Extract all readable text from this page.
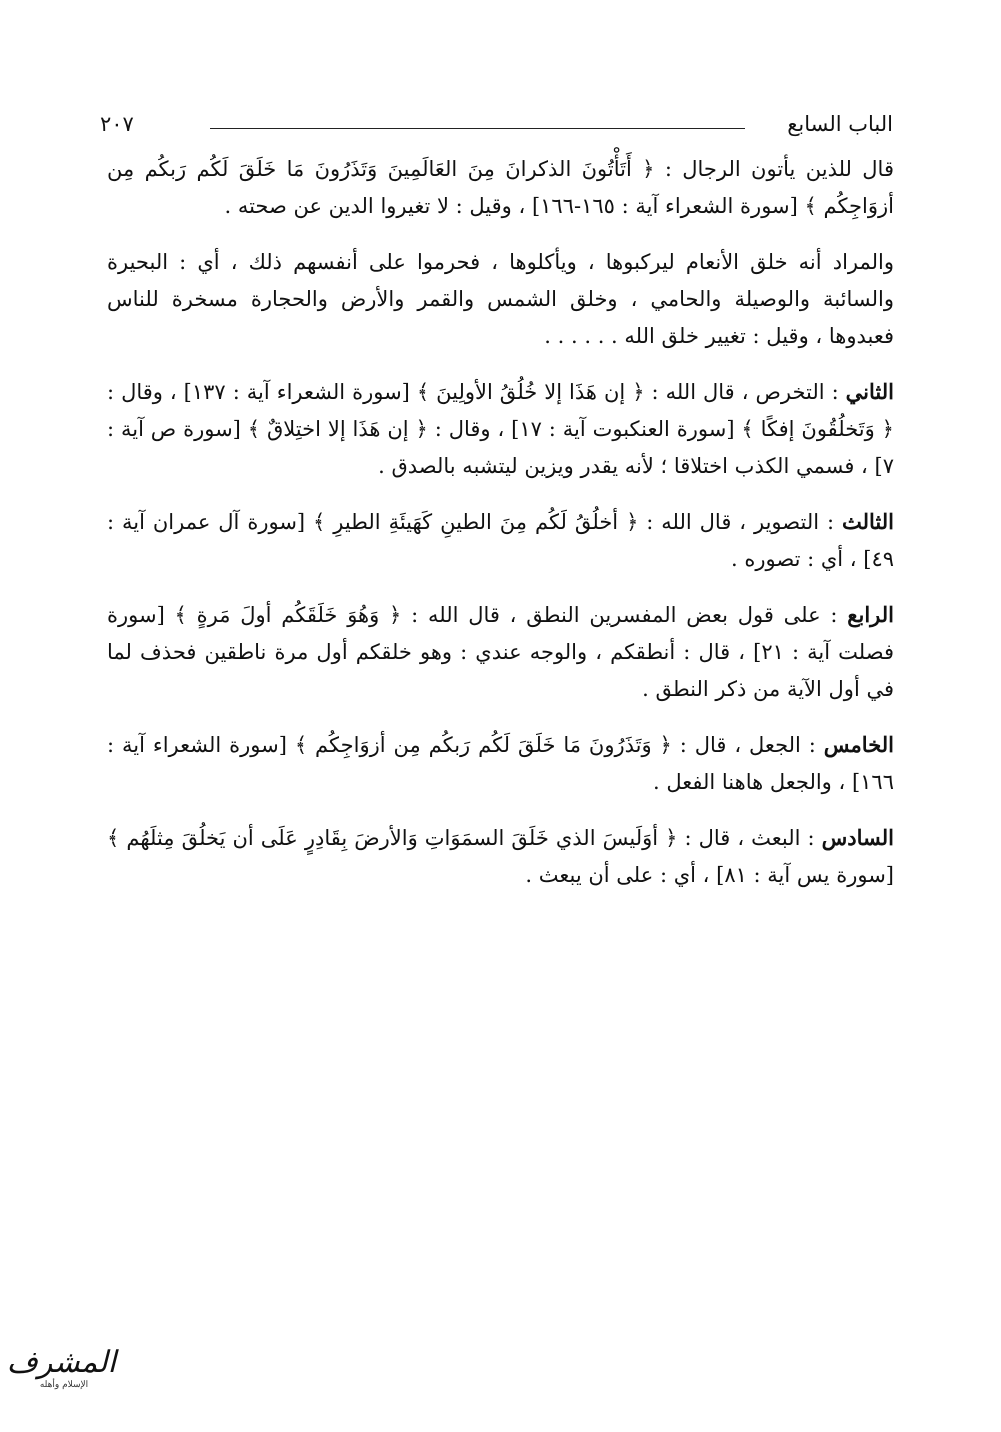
الباب السابع
٢٠٧

قال للذين يأتون الرجال : ﴿ أَتَأْتُونَ الذكرانَ مِنَ العَالَمِينَ وَتَذَرُونَ مَا خَلَقَ لَكُم رَبكُم مِن أزوَاجِكُم ﴾ [سورة الشعراء آية : ١٦٥-١٦٦] ، وقيل : لا تغيروا الدين عن صحته .

والمراد أنه خلق الأنعام ليركبوها ، ويأكلوها ، فحرموا على أنفسهم ذلك ، أي : البحيرة والسائبة والوصيلة والحامي ، وخلق الشمس والقمر والأرض والحجارة مسخرة للناس فعبدوها ، وقيل : تغيير خلق الله . . . . . .

الثاني : التخرص ، قال الله : ﴿ إن هَذَا إلا خُلُقُ الأولِينَ ﴾ [سورة الشعراء آية : ١٣٧] ، وقال : ﴿ وَتَخلُقُونَ إفكًا ﴾ [سورة العنكبوت آية : ١٧] ، وقال : ﴿ إن هَذَا إلا اختِلاقٌ ﴾ [سورة ص آية : ٧] ، فسمي الكذب اختلاقا ؛ لأنه يقدر ويزين ليتشبه بالصدق .

الثالث : التصوير ، قال الله : ﴿ أخلُقُ لَكُم مِنَ الطينِ كَهَيئَةِ الطيرِ ﴾ [سورة آل عمران آية : ٤٩] ، أي : تصوره .

الرابع : على قول بعض المفسرين النطق ، قال الله : ﴿ وَهُوَ خَلَقَكُم أولَ مَرةٍ ﴾ [سورة فصلت آية : ٢١] ، قال : أنطقكم ، والوجه عندي : وهو خلقكم أول مرة ناطقين فحذف لما في أول الآية من ذكر النطق .

الخامس : الجعل ، قال : ﴿ وَتَذَرُونَ مَا خَلَقَ لَكُم رَبكُم مِن أزوَاجِكُم ﴾ [سورة الشعراء آية : ١٦٦] ، والجعل هاهنا الفعل .

السادس : البعث ، قال : ﴿ أوَلَيسَ الذي خَلَقَ السمَوَاتِ وَالأرضَ بِقَادِرٍ عَلَى أن يَخلُقَ مِثلَهُم ﴾ [سورة يس آية : ٨١] ، أي : على أن يبعث .

المشرف
الإسلام وأهله
